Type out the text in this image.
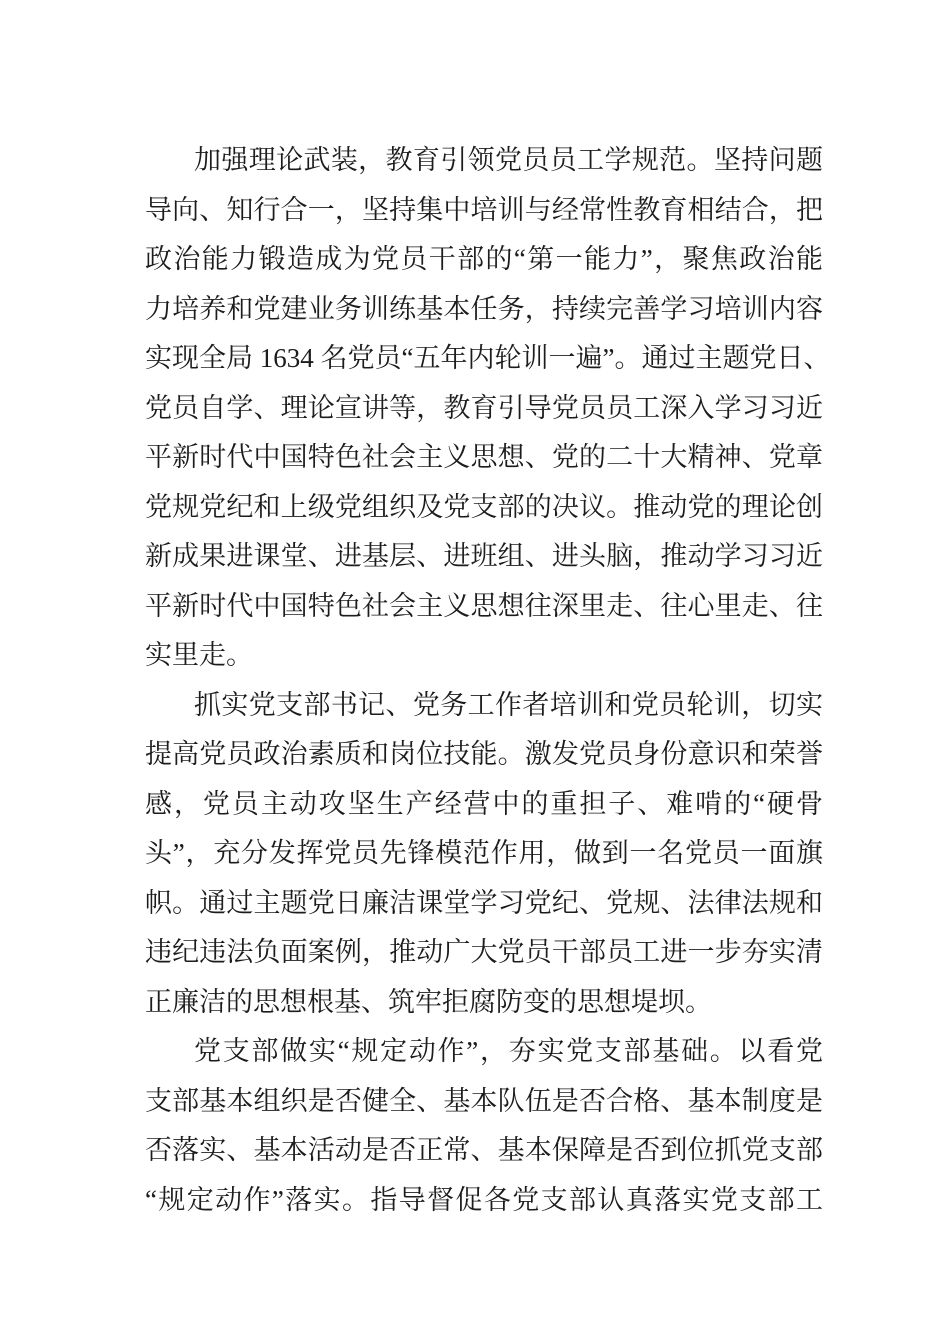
加强理论武装，教育引领党员员工学规范。坚持问题
导向、知行合一，坚持集中培训与经常性教育相结合，把
政治能力锻造成为党员干部的“第一能力”，聚焦政治能
力培养和党建业务训练基本任务，持续完善学习培训内容
实现全局 1634 名党员“五年内轮训一遍”。通过主题党日、
党员自学、理论宣讲等，教育引导党员员工深入学习习近
平新时代中国特色社会主义思想、党的二十大精神、党章
党规党纪和上级党组织及党支部的决议。推动党的理论创
新成果进课堂、进基层、进班组、进头脑，推动学习习近
平新时代中国特色社会主义思想往深里走、往心里走、往
实里走。
抓实党支部书记、党务工作者培训和党员轮训，切实
提高党员政治素质和岗位技能。激发党员身份意识和荣誉
感，党员主动攻坚生产经营中的重担子、难啃的“硬骨
头”，充分发挥党员先锋模范作用，做到一名党员一面旗
帜。通过主题党日廉洁课堂学习党纪、党规、法律法规和
违纪违法负面案例，推动广大党员干部员工进一步夯实清
正廉洁的思想根基、筑牢拒腐防变的思想堤坝。
党支部做实“规定动作”，夯实党支部基础。以看党
支部基本组织是否健全、基本队伍是否合格、基本制度是
否落实、基本活动是否正常、基本保障是否到位抓党支部
“规定动作”落实。指导督促各党支部认真落实党支部工
